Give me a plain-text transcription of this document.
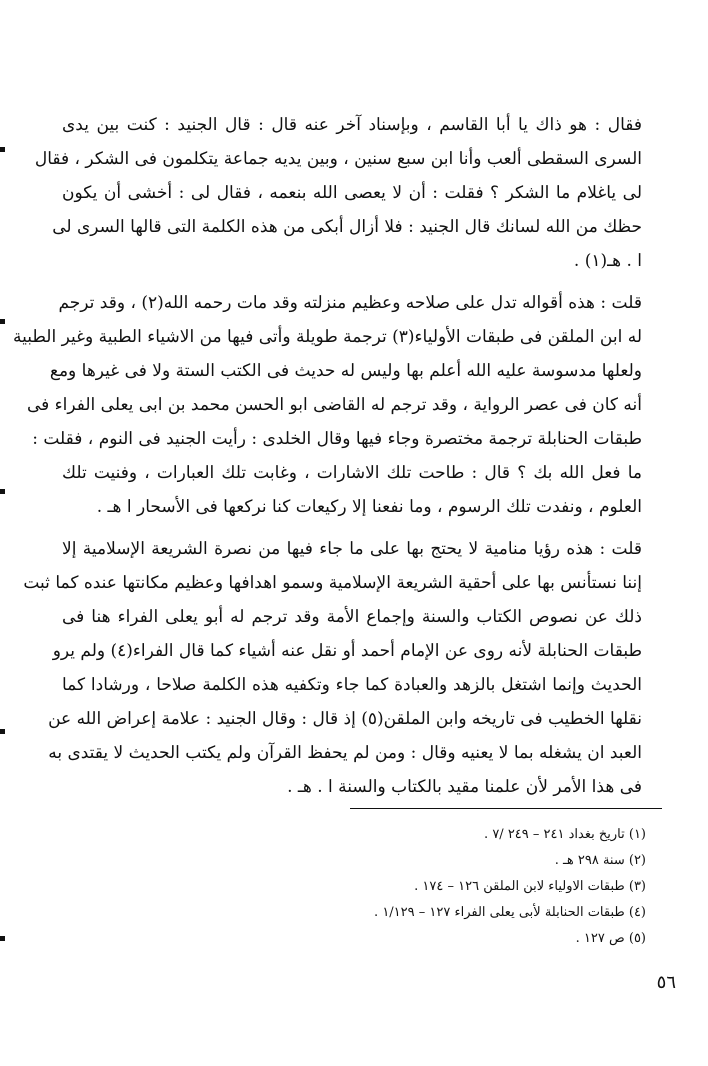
فقال : هو ذاك يا أبا القاسم ، وبإسناد آخر عنه قال : قال الجنيد : كنت بين يدى
السرى السقطى ألعب وأنا ابن سبع سنين ، وبين يديه جماعة يتكلمون فى الشكر ، فقال
لى ياغلام ما الشكر ؟ فقلت : أن لا يعصى الله بنعمه ، فقال لى : أخشى أن يكون
حظك من الله لسانك قال الجنيد : فلا أزال أبكى من هذه الكلمة التى قالها السرى لى
ا . هـ(١) .
قلت : هذه أقواله تدل على صلاحه وعظيم منزلته وقد مات رحمه الله(٢) ، وقد ترجم
له ابن الملقن فى طبقات الأولياء(٣) ترجمة طويلة وأتى فيها من الاشياء الطبية وغير الطبية
ولعلها مدسوسة عليه الله أعلم بها وليس له حديث فى الكتب الستة ولا فى غيرها ومع
أنه كان فى عصر الرواية ، وقد ترجم له القاضى ابو الحسن محمد بن ابى يعلى الفراء فى
طبقات الحنابلة ترجمة مختصرة وجاء فيها وقال الخلدى : رأيت الجنيد فى النوم ، فقلت :
ما فعل الله بك ؟ قال : طاحت تلك الاشارات ، وغابت تلك العبارات ، وفنيت تلك
العلوم ، ونفدت تلك الرسوم ، وما نفعنا إلا ركيعات كنا نركعها فى الأسحار ا هـ .
قلت : هذه رؤيا منامية لا يحتج بها على ما جاء فيها من نصرة الشريعة الإسلامية إلا
إننا نستأنس بها على أحقية الشريعة الإسلامية وسمو اهدافها وعظيم مكانتها عنده كما ثبت
ذلك عن نصوص الكتاب والسنة وإجماع الأمة وقد ترجم له أبو يعلى الفراء هنا فى
طبقات الحنابلة لأنه روى عن الإمام أحمد أو نقل عنه أشياء كما قال الفراء(٤) ولم يرو
الحديث وإنما اشتغل بالزهد والعبادة كما جاء وتكفيه هذه الكلمة صلاحا ، ورشادا كما
نقلها الخطيب فى تاريخه وابن الملقن(٥) إذ قال : وقال الجنيد : علامة إعراض الله عن
العبد ان يشغله بما لا يعنيه وقال : ومن لم يحفظ القرآن ولم يكتب الحديث لا يقتدى به
فى هذا الأمر لأن علمنا مقيد بالكتاب والسنة ا . هـ .
(١) تاريخ بغداد ٢٤١ – ٢٤٩ /٧ .
(٢) سنة ٢٩٨ هـ .
(٣) طبقات الاولياء لابن الملقن ١٢٦ – ١٧٤ .
(٤) طبقات الحنابلة لأبى يعلى الفراء ١٢٧ – ١/١٢٩ .
(٥) ص ١٢٧ .
٥٦
